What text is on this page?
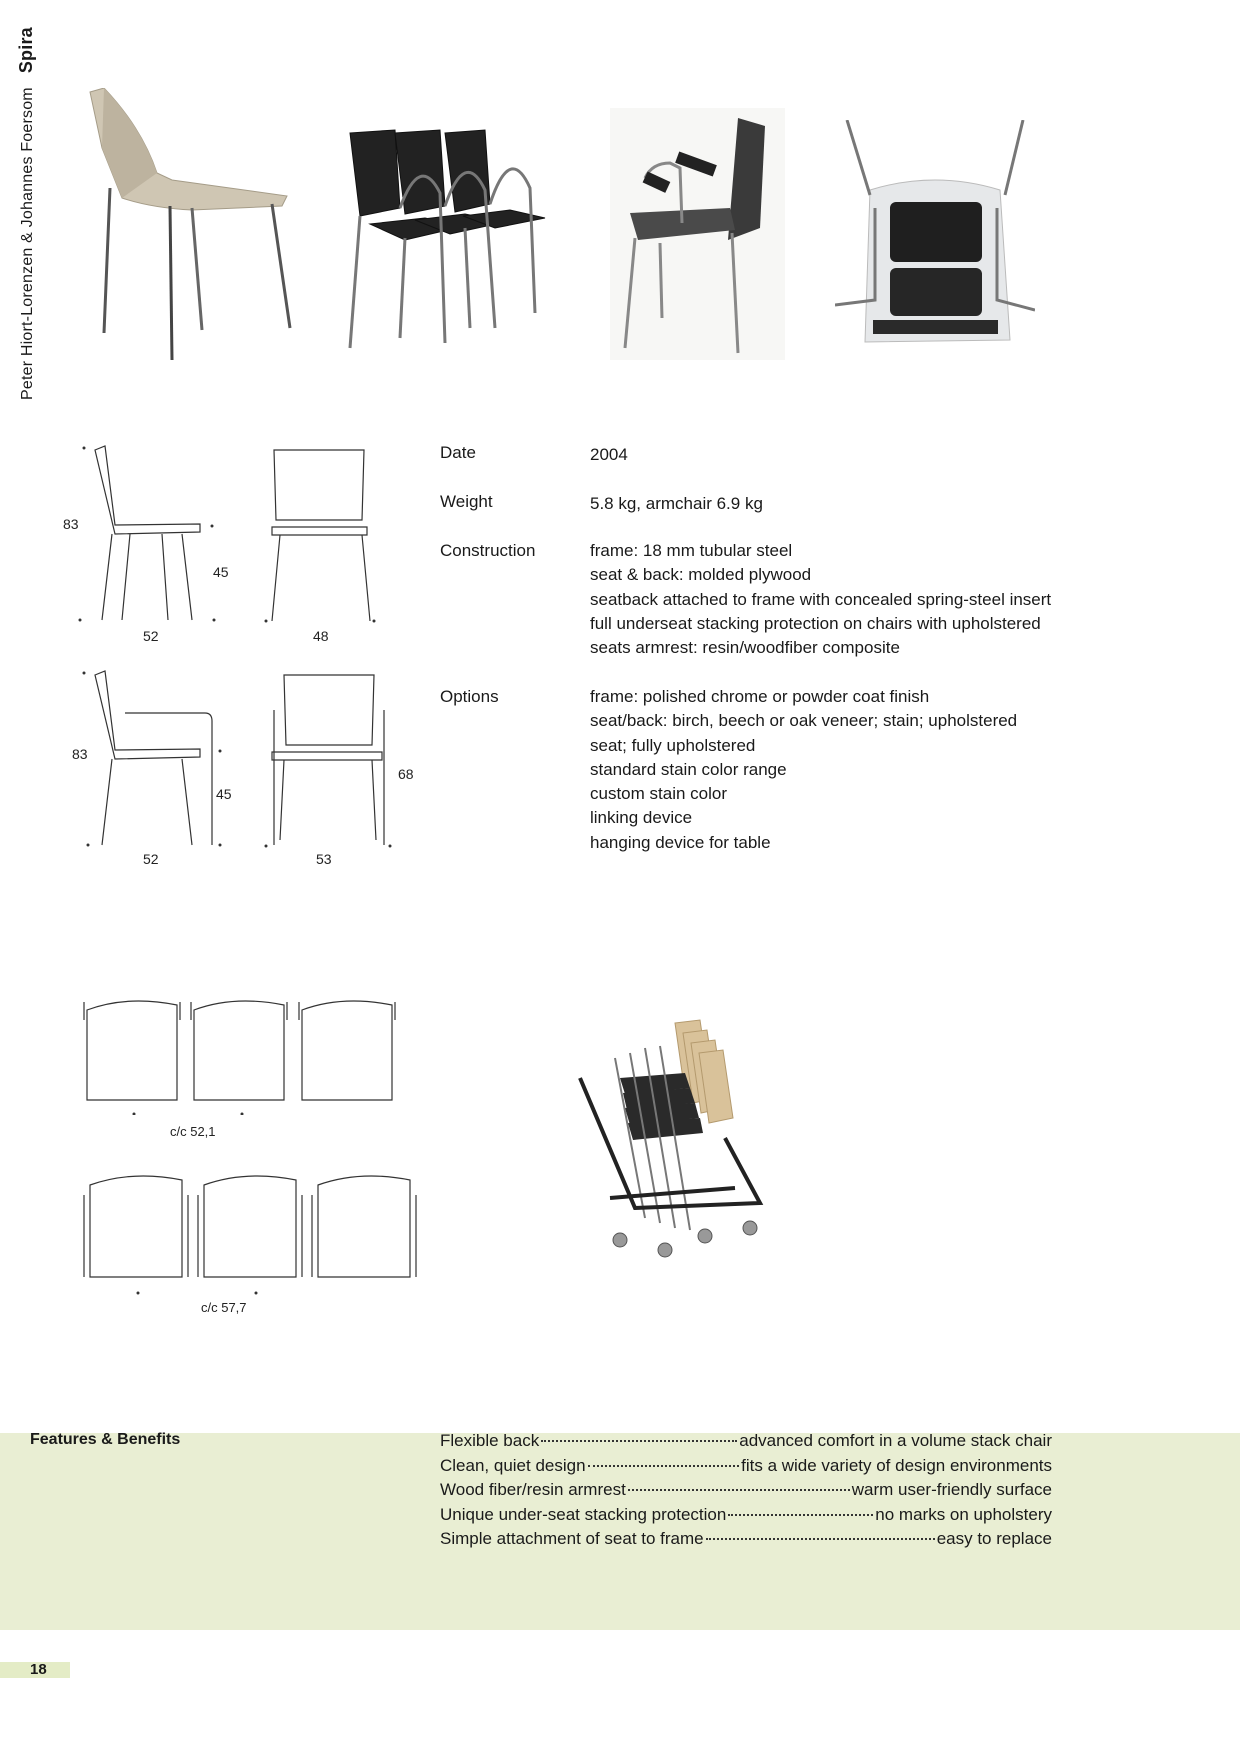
Peter Hiort-Lorenzen & Johannes FoersomSpira
83
45
52	48
83
45
52
68
53
c/c 52,1
c/c 57,7
Date	2004
Weight	5.8 kg, armchair 6.9 kg
Construction	frame: 18 mm tubular steel
seat & back: molded plywood
seatback attached to frame with concealed spring-steel insert
full underseat stacking protection on chairs with upholstered
seats armrest: resin/woodfiber composite
Options	frame: polished chrome or powder coat finish
seat/back: birch, beech or oak veneer; stain; upholstered
seat; fully upholstered
standard stain color range
custom stain color
linking device
hanging device for table
Features & Benefits	Flexible back	advanced comfort in a volume stack chair
Clean, quiet design	fits a wide variety of design environments
Wood fiber/resin armrest	warm user-friendly surface
Unique under-seat stacking protection	no marks on upholstery
Simple attachment of seat to frame	easy to replace
18
